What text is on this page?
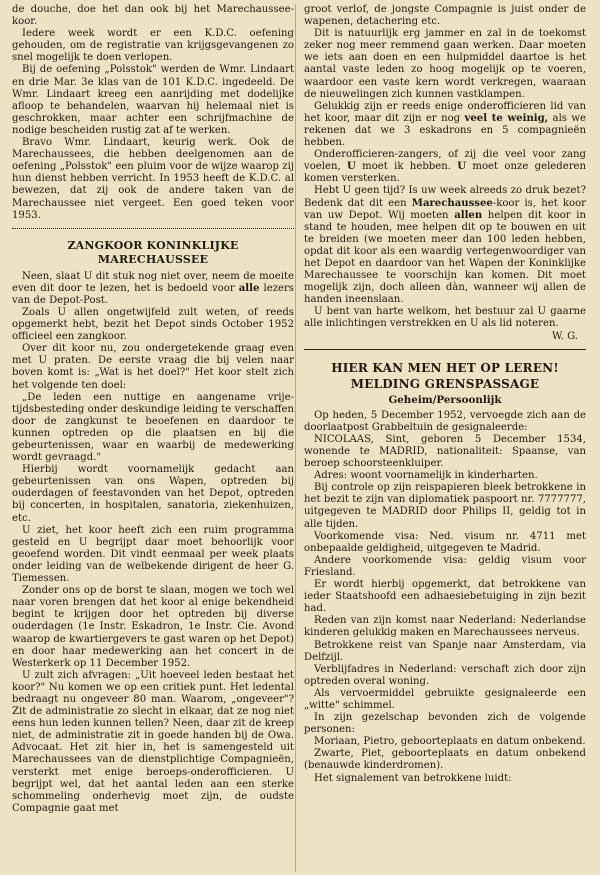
de douche, doe het dan ook bij het Marechaussee-koor.

Iedere week wordt er een K.D.C. oefening gehouden, om de registratie van krijgsgevangenen zo snel mogelijk te doen verlopen.

Bij de oefening „Polsstok" werden de Wmr. Lindaart en drie Mar. 3e klas van de 101 K.D.C. ingedeeld. De Wmr. Lindaart kreeg een aanrijding met dodelijke afloop te behandelen, waarvan hij helemaal niet is geschrokken, maar achter een schrijfmachine de nodige bescheiden rustig zat af te werken.

Bravo Wmr. Lindaart, keurig werk. Ook de Marechaussees, die hebben deelgenomen aan de oefening „Polsstok" een pluim voor de wijze waarop zij hun dienst hebben verricht. In 1953 heeft de K.D.C. al bewezen, dat zij ook de andere taken van de Marechaussee niet vergeet. Een goed teken voor 1953.

ZANGKOOR KONINKLIJKE
MARECHAUSSEE

Neen, slaat U dit stuk nog niet over, neem de moeite even dit door te lezen, het is bedoeld voor alle lezers van de Depot-Post.

Zoals U allen ongetwijfeld zult weten, of reeds opgemerkt hebt, bezit het Depot sinds October 1952 officieel een zangkoor.

Over dit koor nu, zou ondergetekende graag even met U praten. De eerste vraag die bij velen naar boven komt is: „Wat is het doel?" Het koor stelt zich het volgende ten doel:

„De leden een nuttige en aangename vrije-tijdsbesteding onder deskundige leiding te verschaffen door de zangkunst te beoefenen en daardoor te kunnen optreden op die plaatsen en bij die gebeurtenissen, waar en waarbij de medewerking wordt gevraagd."

Hierbij wordt voornamelijk gedacht aan gebeurtenissen van ons Wapen, optreden bij ouderdagen of feestavonden van het Depot, optreden bij concerten, in hospitalen, sanatoria, ziekenhuizen, etc.

U ziet, het koor heeft zich een ruim programma gesteld en U begrijpt daar moet behoorlijk voor geoefend worden. Dit vindt eenmaal per week plaats onder leiding van de welbekende dirigent de heer G. Tiemessen.

Zonder ons op de borst te slaan, mogen we toch wel naar voren brengen dat het koor al enige bekendheid begint te krijgen door het optreden bij diverse ouderdagen (1e Instr. Eskadron, 1e Instr. Cie. Avond waarop de kwartiergevers te gast waren op het Depot) en door haar medewerking aan het concert in de Westerkerk op 11 December 1952.

U zult zich afvragen: „Uit hoeveel leden bestaat het koor?" Nu komen we op een critiek punt. Het ledental bedraagt nu ongeveer 80 man. Waarom, „ongeveer"? Zit de administratie zo slecht in elkaar, dat ze nog niet eens hun leden kunnen tellen? Neen, daar zit de kreep niet, de administratie zit in goede handen bij de Owa. Advocaat. Het zit hier in, het is samengesteld uit Marechaussees van de dienstplichtige Compagnieën, versterkt met enige beroeps-onderofficieren. U begrijpt wel, dat het aantal leden aan een sterke schommeling onderhevig moet zijn, de oudste Compagnie gaat met

groot verlof, de jongste Compagnie is juist onder de wapenen, detachering etc.

Dit is natuurlijk erg jammer en zal in de toekomst zeker nog meer remmend gaan werken. Daar moeten we iets aan doen en een hulpmiddel daartoe is het aantal vaste leden zo hoog mogelijk op te voeren, waardoor een vaste kern wordt verkregen, waaraan de nieuwelingen zich kunnen vastklampen.

Gelukkig zijn er reeds enige onderofficieren lid van het koor, maar dit zijn er nog veel te weinig, als we rekenen dat we 3 eskadrons en 5 compagnieën hebben.

Onderofficieren-zangers, of zij die veel voor zang voelen, U moet ik hebben. U moet onze gelederen komen versterken.

Hebt U geen tijd? Is uw week alreeds zo druk bezet? Bedenk dat dit een Marechaussee-koor is, het koor van uw Depot. Wij moeten allen helpen dit koor in stand te houden, mee helpen dit op te bouwen en uit te breiden (we moeten meer dan 100 leden hebben, opdat dit koor als een waardig vertegenwoordiger van het Depot en daardoor van het Wapen der Koninklijke Marechaussee te voorschijn kan komen. Dit moet mogelijk zijn, doch alleen dàn, wanneer wij allen de handen ineenslaan.

U bent van harte welkom, het bestuur zal U gaarne alle inlichtingen verstrekken en U als lid noteren.

W. G.
HIER KAN MEN HET OP LEREN!
MELDING GRENSPASSAGE
Geheim/Persoonlijk

Op heden, 5 December 1952, vervoegde zich aan de doorlaatpost Grabbeltuin de gesignaleerde:

NICOLAAS, Sint, geboren 5 December 1534, wonende te MADRID, nationaliteit: Spaanse, van beroep schoorsteenkluiper.

Adres: woont voornamelijk in kinderharten.

Bij controle op zijn reispapieren bleek betrokkene in het bezit te zijn van diplomatiek paspoort nr. 7777777, uitgegeven te MADRID door Philips II, geldig tot in alle tijden.

Voorkomende visa: Ned. visum nr. 4711 met onbepaalde geldigheid, uitgegeven te Madrid.

Andere voorkomende visa: geldig visum voor Friesland.

Er wordt hierbij opgemerkt, dat betrokkene van ieder Staatshoofd een adhaesiebetuiging in zijn bezit had.

Reden van zijn komst naar Nederland: Nederlandse kinderen gelukkig maken en Marechaussees nerveus.

Betrokkene reist van Spanje naar Amsterdam, via Delfzijl.

Verblijfadres in Nederland: verschaft zich door zijn optreden overal woning.

Als vervoermiddel gebruikte gesignaleerde een „witte" schimmel.

In zijn gezelschap bevonden zich de volgende personen:

Moriaan, Pietro, geboorteplaats en datum onbekend.

Zwarte, Piet, geboorteplaats en datum onbekend (benauwde kinderdromen).

Het signalement van betrokkene luidt:
